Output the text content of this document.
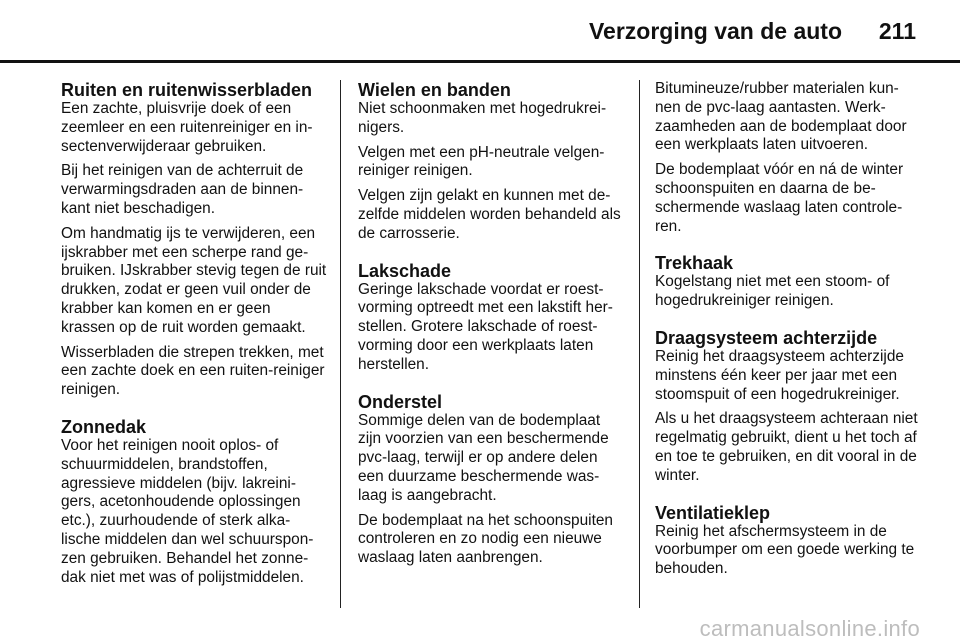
Verzorging van de auto 211
Ruiten en ruitenwisserbladen

Een zachte, pluisvrije doek of een zeemleer en een ruitenreiniger en in-sectenverwijderaar gebruiken.

Bij het reinigen van de achterruit de verwarmingsdraden aan de binnen-kant niet beschadigen.

Om handmatig ijs te verwijderen, een ijskrabber met een scherpe rand ge-bruiken. IJskrabber stevig tegen de ruit drukken, zodat er geen vuil onder de krabber kan komen en er geen krassen op de ruit worden gemaakt.

Wisserbladen die strepen trekken, met een zachte doek en een ruiten-reiniger reinigen.

Zonnedak

Voor het reinigen nooit oplos- of schuurmiddelen, brandstoffen, agressieve middelen (bijv. lakreini-gers, acetonhoudende oplossingen etc.), zuurhoudende of sterk alka-lische middelen dan wel schuurspon-zen gebruiken. Behandel het zonne-dak niet met was of polijstmiddelen.

Wielen en banden

Niet schoonmaken met hogedrukrei-nigers.

Velgen met een pH-neutrale velgen-reiniger reinigen.

Velgen zijn gelakt en kunnen met de-zelfde middelen worden behandeld als de carrosserie.

Lakschade

Geringe lakschade voordat er roest-vorming optreedt met een lakstift her-stellen. Grotere lakschade of roest-vorming door een werkplaats laten herstellen.

Onderstel

Sommige delen van de bodemplaat zijn voorzien van een beschermende pvc-laag, terwijl er op andere delen een duurzame beschermende was-laag is aangebracht.

De bodemplaat na het schoonspuiten controleren en zo nodig een nieuwe waslaag laten aanbrengen.

Bitumineuze/rubber materialen kun-nen de pvc-laag aantasten. Werk-zaamheden aan de bodemplaat door een werkplaats laten uitvoeren.

De bodemplaat vóór en ná de winter schoonspuiten en daarna de be-schermende waslaag laten controle-ren.

Trekhaak

Kogelstang niet met een stoom- of hogedrukreiniger reinigen.

Draagsysteem achterzijde

Reinig het draagsysteem achterzijde minstens één keer per jaar met een stoomspuit of een hogedrukreiniger.

Als u het draagsysteem achteraan niet regelmatig gebruikt, dient u het toch af en toe te gebruiken, en dit vooral in de winter.

Ventilatieklep

Reinig het afschermsysteem in de voorbumper om een goede werking te behouden.

carmanualsonline.info
